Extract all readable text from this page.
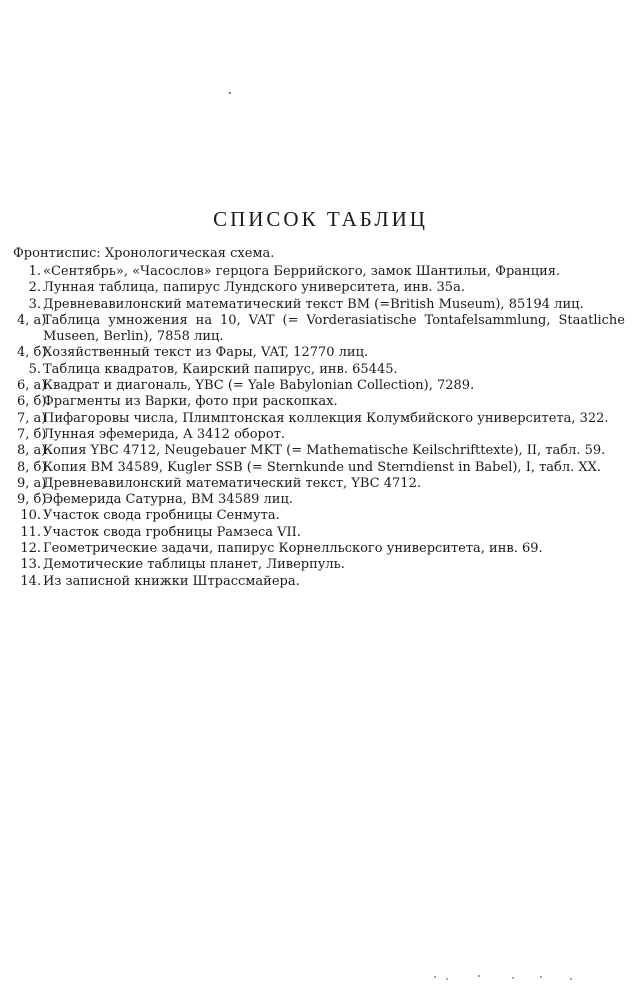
СПИСОК ТАБЛИЦ
Фронтиспис: Хронологическая схема.
1. «Сентябрь», «Часослов» герцога Беррийского, замок Шантильи, Франция.
2. Лунная таблица, папирус Лундского университета, инв. 35а.
3. Древневавилонский математический текст BM (=British Museum), 85194 лиц.
4, а)
Таблица умножения на 10, VAT (= Vorderasiatische Tontafelsammlung, Staatliche Museen, Berlin), 7858 лиц.
4, б)
Хозяйственный текст из Фары, VAT, 12770 лиц.
5. Таблица квадратов, Каирский папирус, инв. 65445.
6, а)
Квадрат и диагональ, YBC (= Yale Babylonian Collection), 7289.
6, б)
Фрагменты из Варки, фото при раскопках.
7, а)
Пифагоровы числа, Плимптонская коллекция Колумбийского университета, 322.
7, б)
Лунная эфемерида, А 3412 оборот.
8, а)
Копия YBC 4712, Neugebauer MKT (= Mathematische Keilschrifttexte), II, табл. 59.
8, б)
Копия BM 34589, Kugler SSB (= Sternkunde und Sterndienst in Babel), I, табл. XX.
9, а)
Древневавилонский математический текст, YBC 4712.
9, б)
Эфемерида Сатурна, BM 34589 лиц.
10. Участок свода гробницы Сенмута.
11. Участок свода гробницы Рамзеса VII.
12. Геометрические задачи, папирус Корнелльского университета, инв. 69.
13. Демотические таблицы планет, Ливерпуль.
14. Из записной книжки Штрассмайера.
